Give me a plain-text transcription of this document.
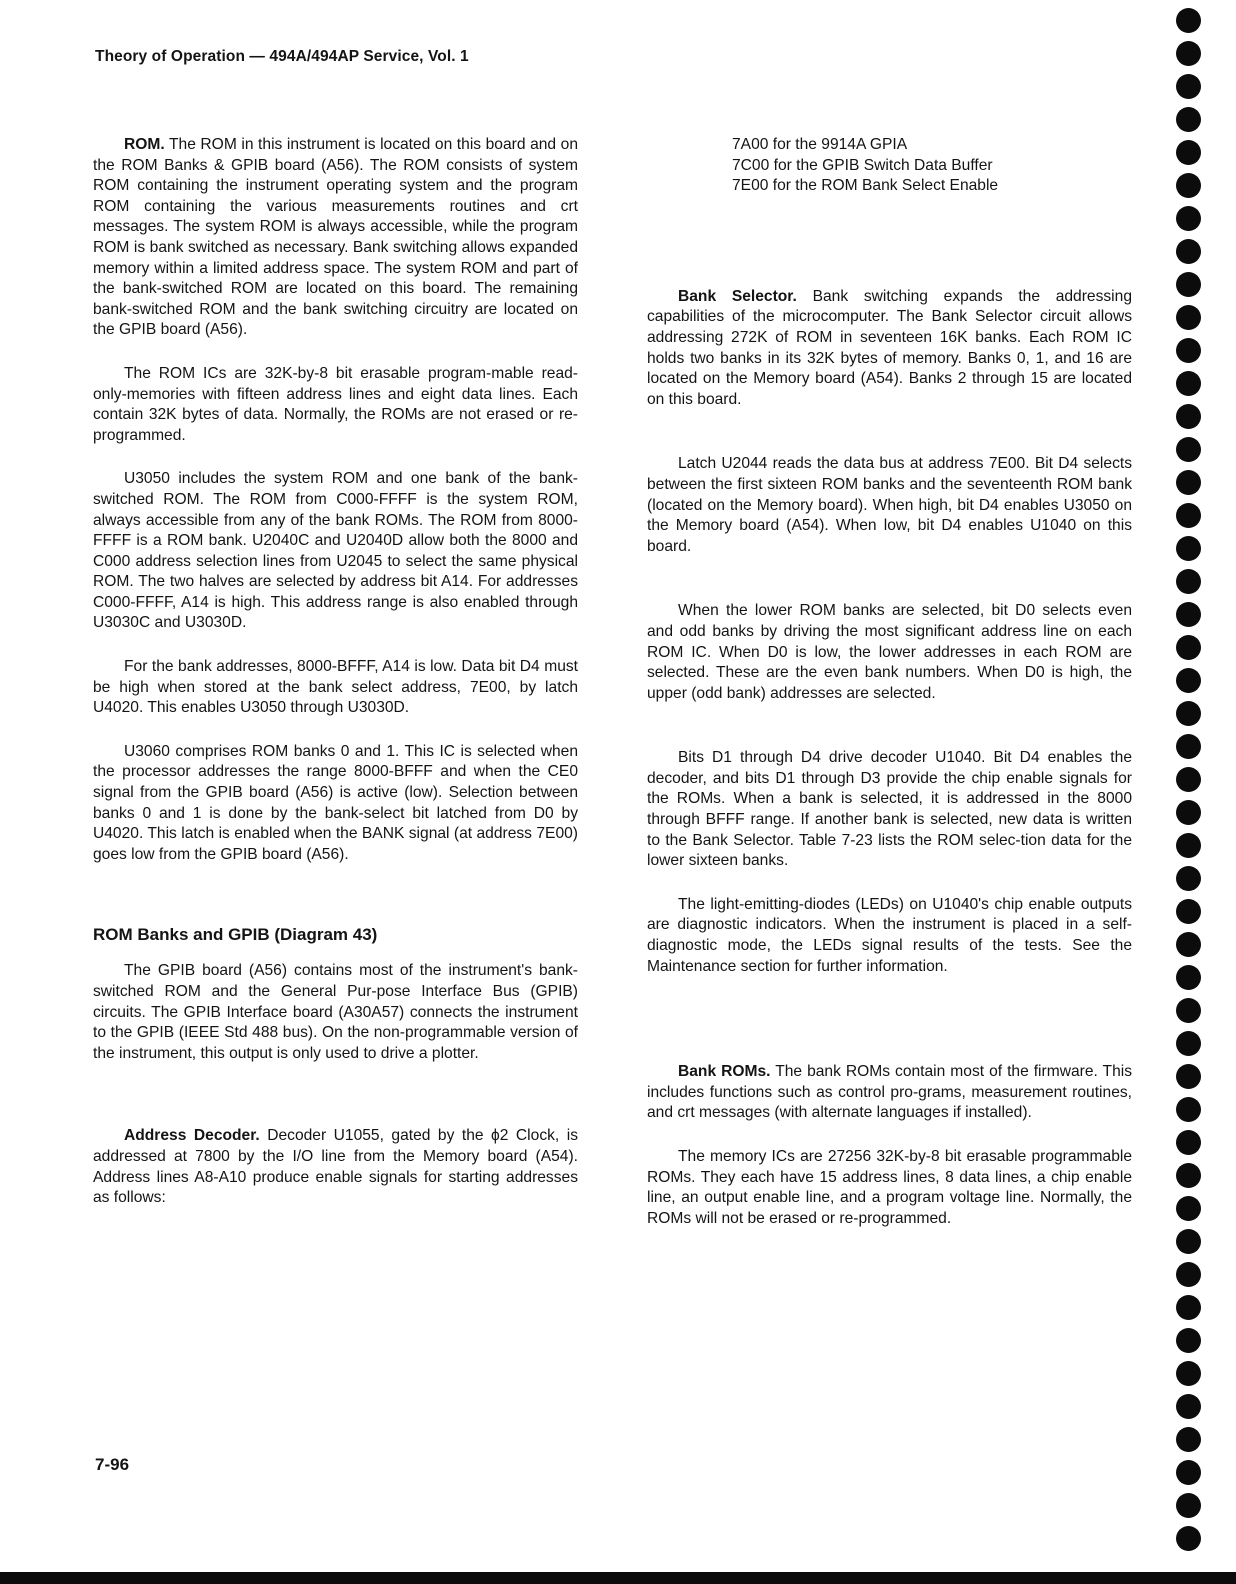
Theory of Operation — 494A/494AP Service, Vol. 1

ROM. The ROM in this instrument is located on this board and on the ROM Banks & GPIB board (A56). The ROM consists of system ROM containing the instrument operating system and the program ROM containing the various measurements routines and crt messages. The system ROM is always accessible, while the program ROM is bank switched as necessary. Bank switching allows expanded memory within a limited address space. The system ROM and part of the bank-switched ROM are located on this board. The remaining bank-switched ROM and the bank switching circuitry are located on the GPIB board (A56).

The ROM ICs are 32K-by-8 bit erasable program-mable read-only-memories with fifteen address lines and eight data lines. Each contain 32K bytes of data. Normally, the ROMs are not erased or re-programmed.

U3050 includes the system ROM and one bank of the bank-switched ROM. The ROM from C000-FFFF is the system ROM, always accessible from any of the bank ROMs. The ROM from 8000-FFFF is a ROM bank. U2040C and U2040D allow both the 8000 and C000 address selection lines from U2045 to select the same physical ROM. The two halves are selected by address bit A14. For addresses C000-FFFF, A14 is high. This address range is also enabled through U3030C and U3030D.

For the bank addresses, 8000-BFFF, A14 is low. Data bit D4 must be high when stored at the bank select address, 7E00, by latch U4020. This enables U3050 through U3030D.

U3060 comprises ROM banks 0 and 1. This IC is selected when the processor addresses the range 8000-BFFF and when the CE0 signal from the GPIB board (A56) is active (low). Selection between banks 0 and 1 is done by the bank-select bit latched from D0 by U4020. This latch is enabled when the BANK signal (at address 7E00) goes low from the GPIB board (A56).

ROM Banks and GPIB (Diagram 43)

The GPIB board (A56) contains most of the instrument's bank-switched ROM and the General Pur-pose Interface Bus (GPIB) circuits. The GPIB Interface board (A30A57) connects the instrument to the GPIB (IEEE Std 488 bus). On the non-programmable version of the instrument, this output is only used to drive a plotter.

Address Decoder. Decoder U1055, gated by the ϕ2 Clock, is addressed at 7800 by the I/O line from the Memory board (A54). Address lines A8-A10 produce enable signals for starting addresses as follows:

7A00 for the 9914A GPIA
7C00 for the GPIB Switch Data Buffer
7E00 for the ROM Bank Select Enable

Bank Selector. Bank switching expands the addressing capabilities of the microcomputer. The Bank Selector circuit allows addressing 272K of ROM in seventeen 16K banks. Each ROM IC holds two banks in its 32K bytes of memory. Banks 0, 1, and 16 are located on the Memory board (A54). Banks 2 through 15 are located on this board.

Latch U2044 reads the data bus at address 7E00. Bit D4 selects between the first sixteen ROM banks and the seventeenth ROM bank (located on the Memory board). When high, bit D4 enables U3050 on the Memory board (A54). When low, bit D4 enables U1040 on this board.

When the lower ROM banks are selected, bit D0 selects even and odd banks by driving the most significant address line on each ROM IC. When D0 is low, the lower addresses in each ROM are selected. These are the even bank numbers. When D0 is high, the upper (odd bank) addresses are selected.

Bits D1 through D4 drive decoder U1040. Bit D4 enables the decoder, and bits D1 through D3 provide the chip enable signals for the ROMs. When a bank is selected, it is addressed in the 8000 through BFFF range. If another bank is selected, new data is written to the Bank Selector. Table 7-23 lists the ROM selec-tion data for the lower sixteen banks.

The light-emitting-diodes (LEDs) on U1040's chip enable outputs are diagnostic indicators. When the instrument is placed in a self-diagnostic mode, the LEDs signal results of the tests. See the Maintenance section for further information.

Bank ROMs. The bank ROMs contain most of the firmware. This includes functions such as control pro-grams, measurement routines, and crt messages (with alternate languages if installed).

The memory ICs are 27256 32K-by-8 bit erasable programmable ROMs. They each have 15 address lines, 8 data lines, a chip enable line, an output enable line, and a program voltage line. Normally, the ROMs will not be erased or re-programmed.

7-96
